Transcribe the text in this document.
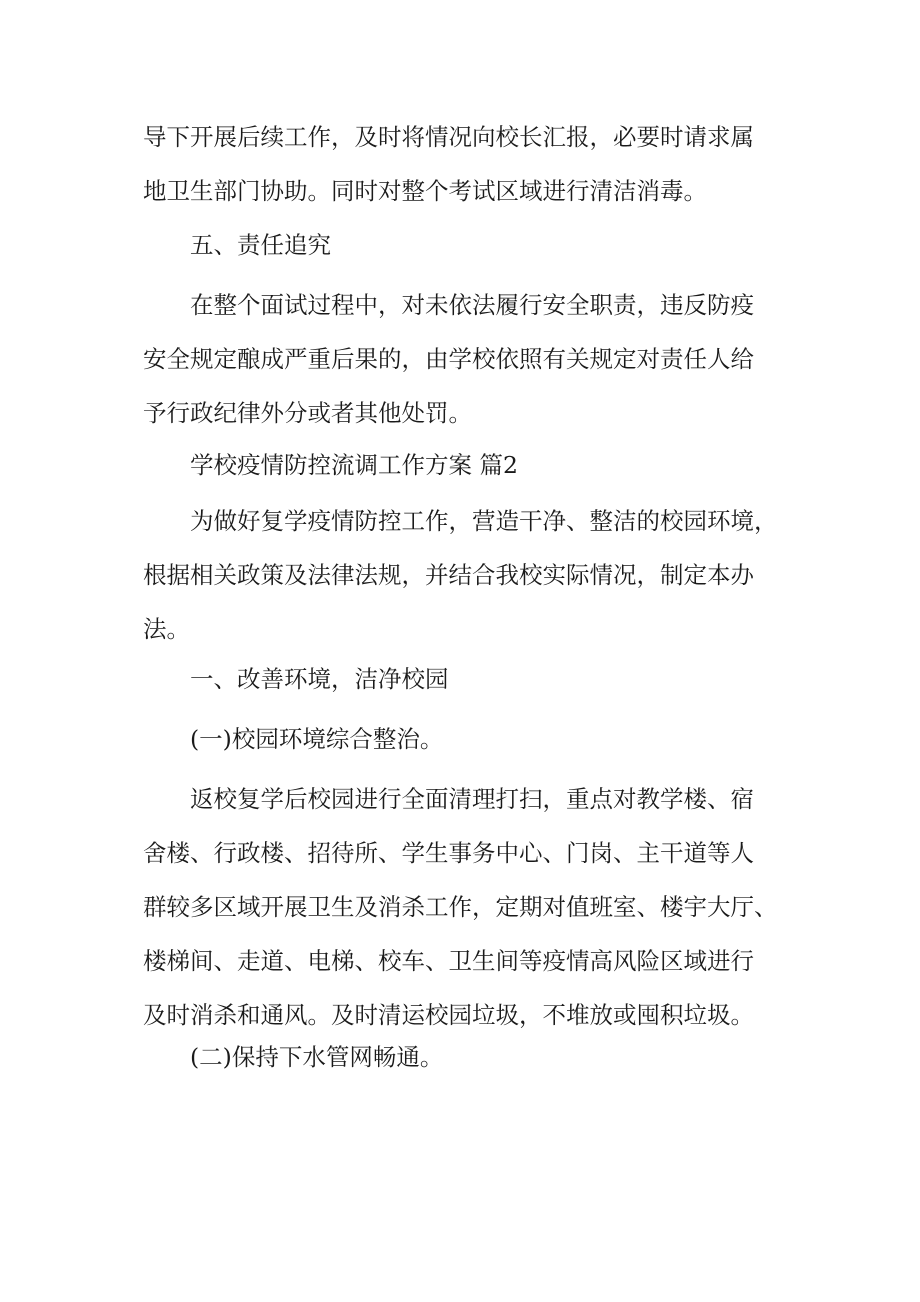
导下开展后续工作，及时将情况向校长汇报，必要时请求属
地卫生部门协助。同时对整个考试区域进行清洁消毒。
五、责任追究
在整个面试过程中，对未依法履行安全职责，违反防疫
安全规定酿成严重后果的，由学校依照有关规定对责任人给
予行政纪律外分或者其他处罚。
学校疫情防控流调工作方案 篇2
为做好复学疫情防控工作，营造干净、整洁的校园环境，
根据相关政策及法律法规，并结合我校实际情况，制定本办
法。
一、改善环境，洁净校园
(一)校园环境综合整治。
返校复学后校园进行全面清理打扫，重点对教学楼、宿
舍楼、行政楼、招待所、学生事务中心、门岗、主干道等人
群较多区域开展卫生及消杀工作，定期对值班室、楼宇大厅、
楼梯间、走道、电梯、校车、卫生间等疫情高风险区域进行
及时消杀和通风。及时清运校园垃圾，不堆放或囤积垃圾。
(二)保持下水管网畅通。
